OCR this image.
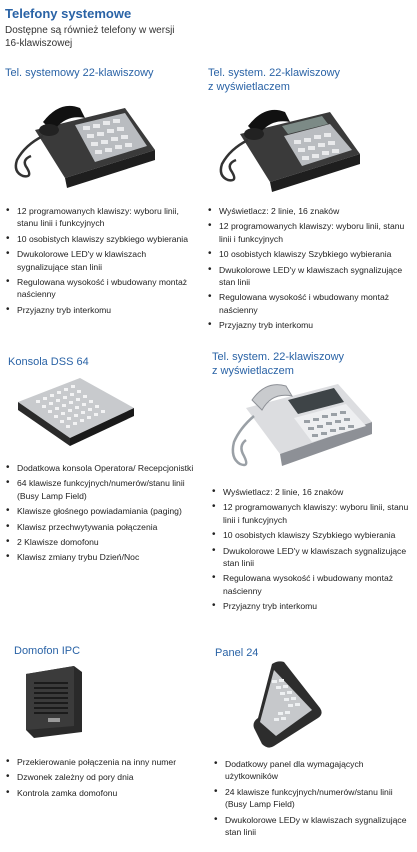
Telefony systemowe
Dostępne są również telefony w wersji
16-klawiszowej
Tel. systemowy 22-klawiszowy
• 12 programowanych klawiszy: wyboru linii, stanu linii i funkcyjnych
• 10 osobistych klawiszy szybkiego wybierania
• Dwukolorowe LED'y w klawiszach sygnalizujące stan linii
• Regulowana wysokość i wbudowany montaż naścienny
• Przyjazny tryb interkomu
Tel. system. 22-klawiszowy
z wyświetlaczem
• Wyświetlacz: 2 linie, 16 znaków
• 12 programowanych klawiszy: wyboru linii, stanu linii i funkcyjnych
• 10 osobistych klawiszy Szybkiego wybierania
• Dwukolorowe LED'y w klawiszach sygnalizujące stan linii
• Regulowana wysokość i wbudowany montaż naścienny
• Przyjazny tryb interkomu
Konsola DSS 64
• Dodatkowa konsola Operatora/ Recepcjonistki
• 64 klawisze funkcyjnych/numerów/stanu linii (Busy Lamp Field)
• Klawisze głośnego powiadamiania (paging)
• Klawisz przechwytywania połączenia
• 2 Klawisze domofonu
• Klawisz zmiany trybu Dzień/Noc
Tel. system. 22-klawiszowy
z wyświetlaczem
• Wyświetlacz: 2 linie, 16 znaków
• 12 programowanych klawiszy: wyboru linii, stanu linii i funkcyjnych
• 10 osobistych klawiszy Szybkiego wybierania
• Dwukolorowe LED'y w klawiszach sygnalizujące stan linii
• Regulowana wysokość i wbudowany montaż naścienny
• Przyjazny tryb interkomu
Domofon IPC
• Przekierowanie połączenia na inny numer
• Dzwonek zależny od pory dnia
• Kontrola zamka domofonu
Panel 24
• Dodatkowy panel dla wymagających użytkowników
• 24 klawisze funkcyjnych/numerów/stanu linii (Busy Lamp Field)
• Dwukolorowe LEDy w klawiszach sygnalizujące stan linii
